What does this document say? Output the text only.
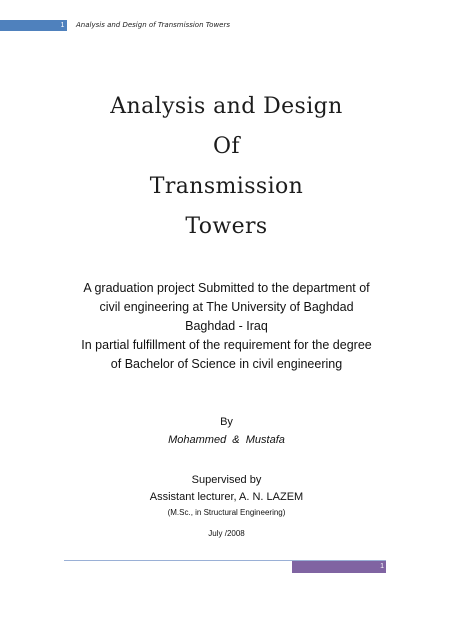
1	Analysis and Design of Transmission Towers
Analysis and Design
Of
Transmission
Towers
A graduation project Submitted to the department of
civil engineering at The University of Baghdad
Baghdad - Iraq
In partial fulfillment of the requirement for the degree
of Bachelor of Science in civil engineering
By
Mohammed  &  Mustafa
Supervised by
Assistant lecturer, A. N. LAZEM
(M.Sc., in Structural Engineering)
July /2008
1
